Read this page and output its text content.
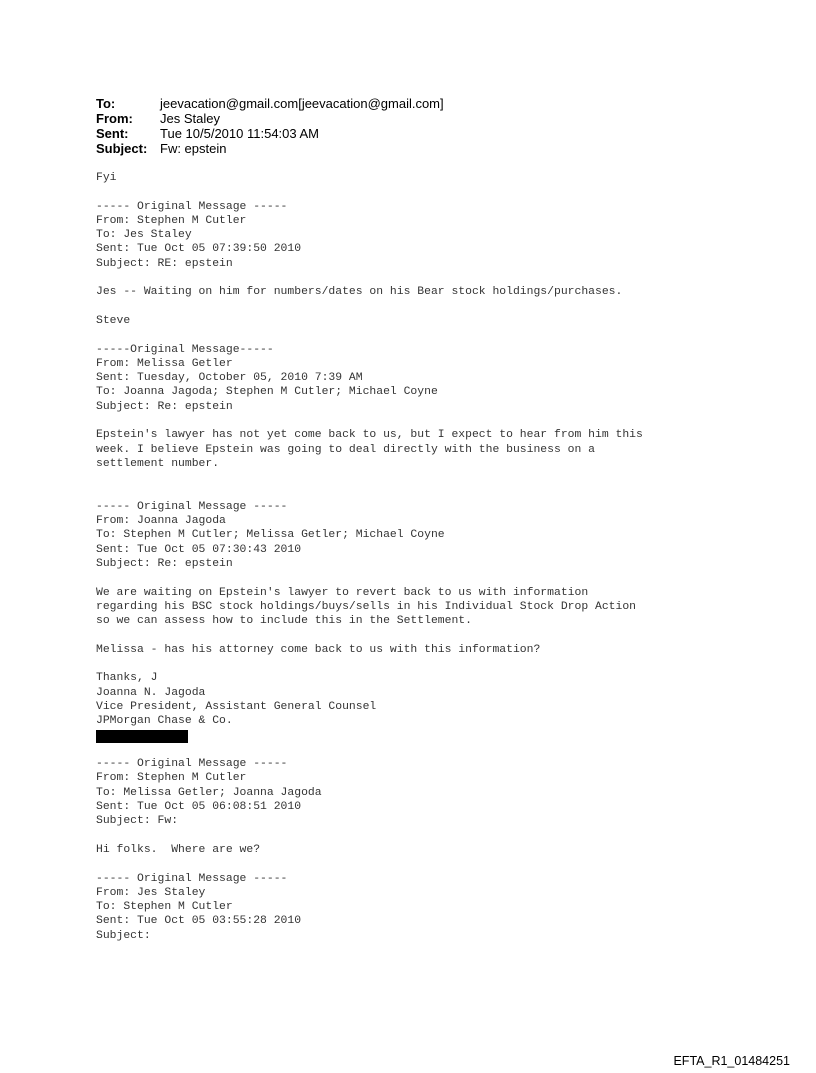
To:	jeevacation@gmail.com[jeevacation@gmail.com]
From: Jes Staley
Sent: Tue 10/5/2010 11:54:03 AM
Subject: Fw: epstein
Fyi
----- Original Message -----
From: Stephen M Cutler
To: Jes Staley
Sent: Tue Oct 05 07:39:50 2010
Subject: RE: epstein
Jes -- Waiting on him for numbers/dates on his Bear stock holdings/purchases.
Steve
-----Original Message-----
From: Melissa Getler
Sent: Tuesday, October 05, 2010 7:39 AM
To: Joanna Jagoda; Stephen M Cutler; Michael Coyne
Subject: Re: epstein
Epstein's lawyer has not yet come back to us, but I expect to hear from him this
week. I believe Epstein was going to deal directly with the business on a
settlement number.
----- Original Message -----
From: Joanna Jagoda
To: Stephen M Cutler; Melissa Getler; Michael Coyne
Sent: Tue Oct 05 07:30:43 2010
Subject: Re: epstein
We are waiting on Epstein's lawyer to revert back to us with information
regarding his BSC stock holdings/buys/sells in his Individual Stock Drop Action
so we can assess how to include this in the Settlement.
Melissa - has his attorney come back to us with this information?
Thanks, J
Joanna N. Jagoda
Vice President, Assistant General Counsel
JPMorgan Chase & Co.
----- Original Message -----
From: Stephen M Cutler
To: Melissa Getler; Joanna Jagoda
Sent: Tue Oct 05 06:08:51 2010
Subject: Fw:
Hi folks.  Where are we?
----- Original Message -----
From: Jes Staley
To: Stephen M Cutler
Sent: Tue Oct 05 03:55:28 2010
Subject:
EFTA_R1_01484251
